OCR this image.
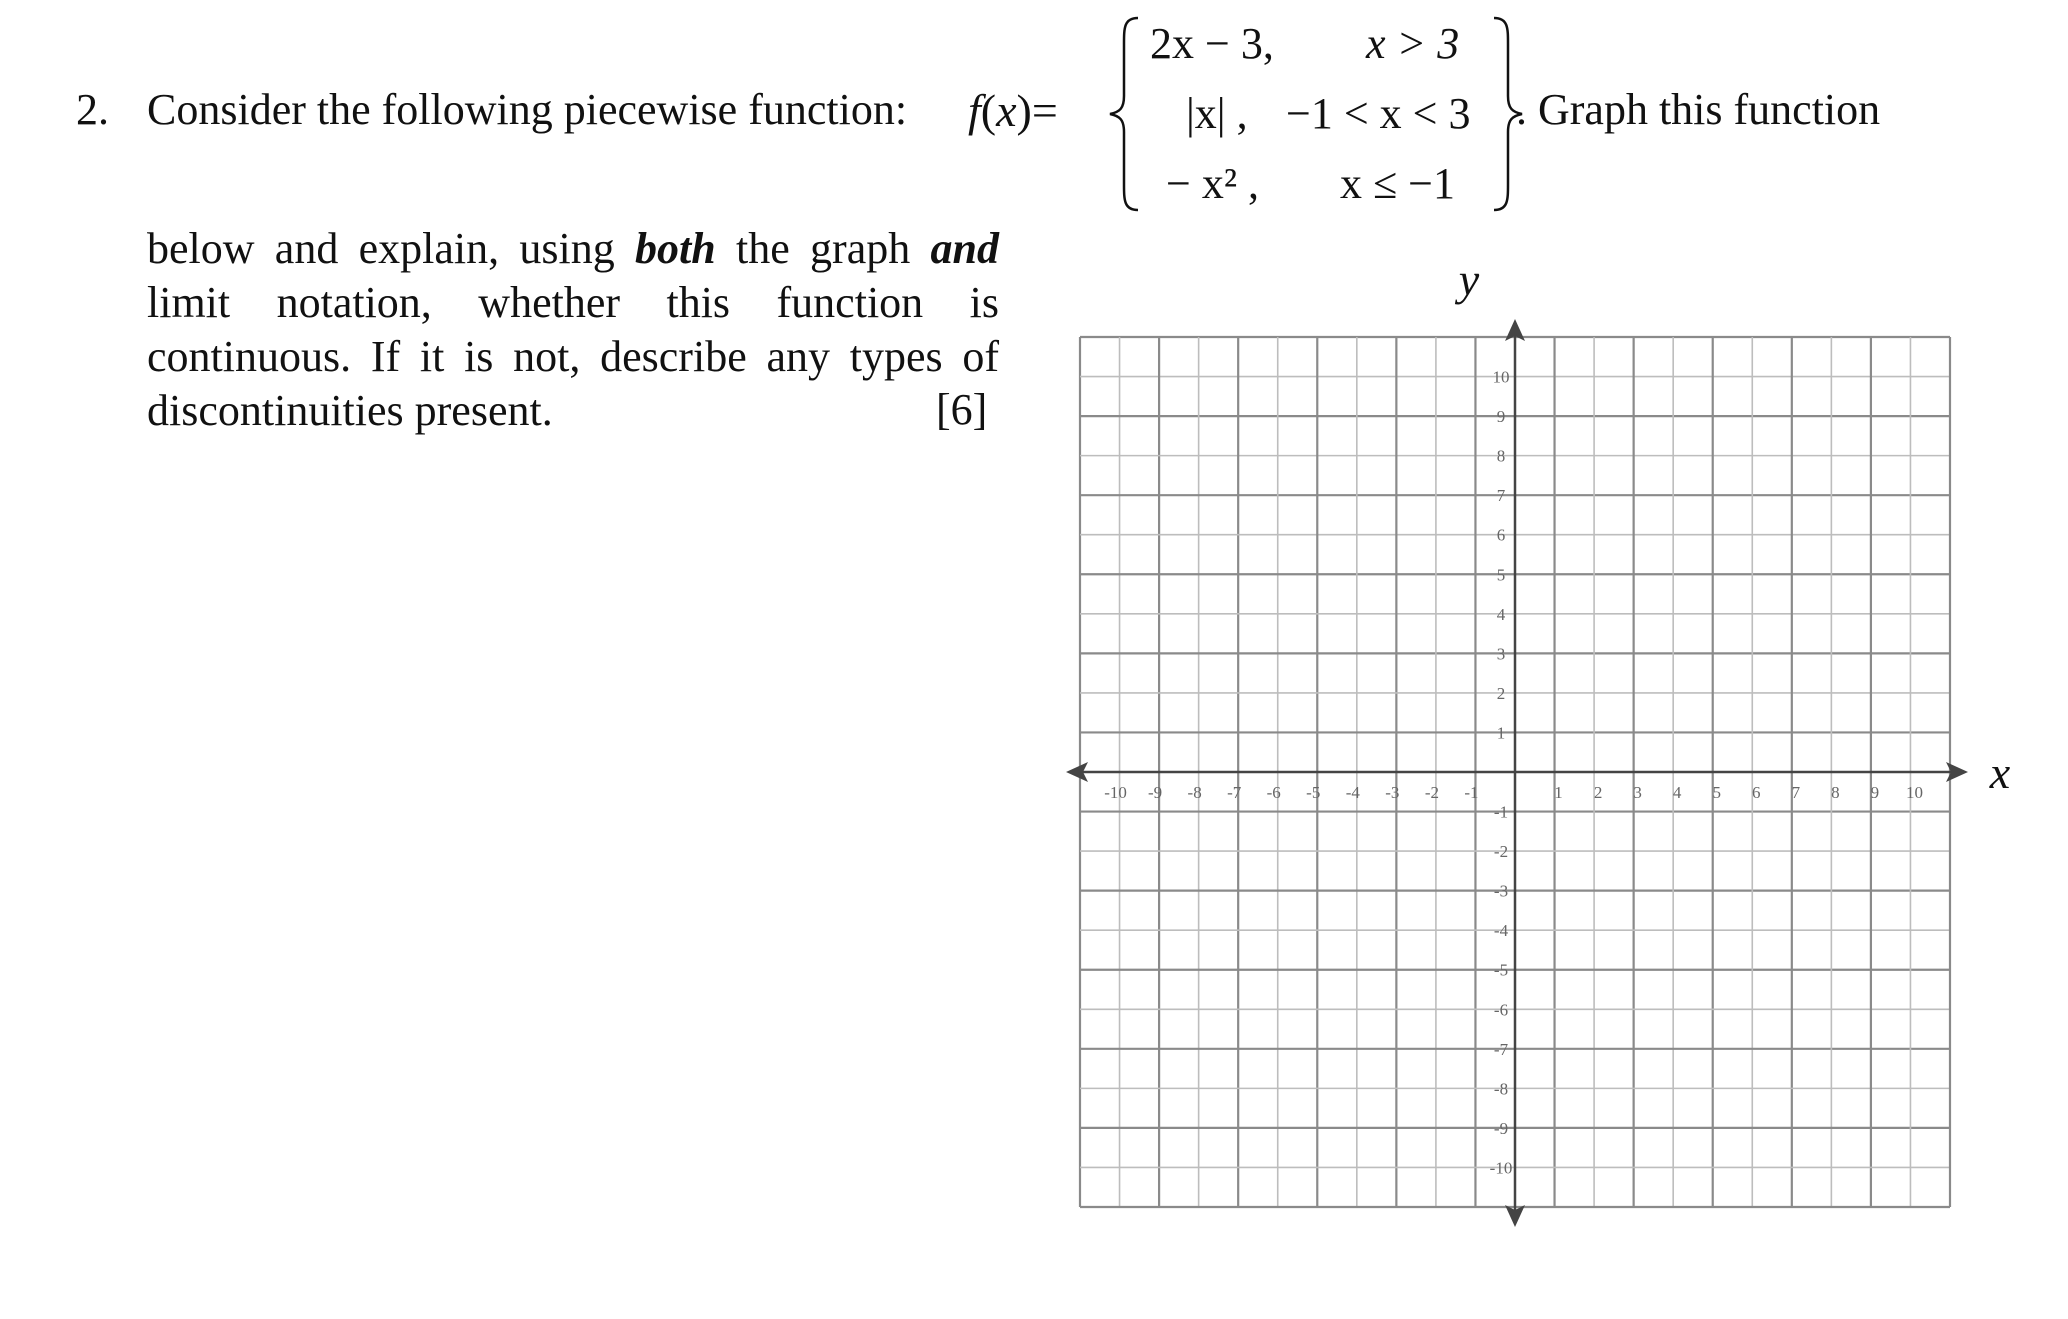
2. Consider the following piecewise function: f(x)=
2x − 3, x > 3
|x| , −1 < x < 3
− x² , x ≤ −1
. Graph this function
below and explain, using both the graph and limit notation, whether this function is continuous. If it is not, describe any types of discontinuities present.	[6]
-10 -9 -8 -7 -6 -5 -4 -3 -2 -1	1 2 3 4 5 6 7 8 9 10
10
9
8
7
6
5
4
3
2
1
-1
-2
-3
-4
-5
-6
-7
-8
-9
-10
x
y
